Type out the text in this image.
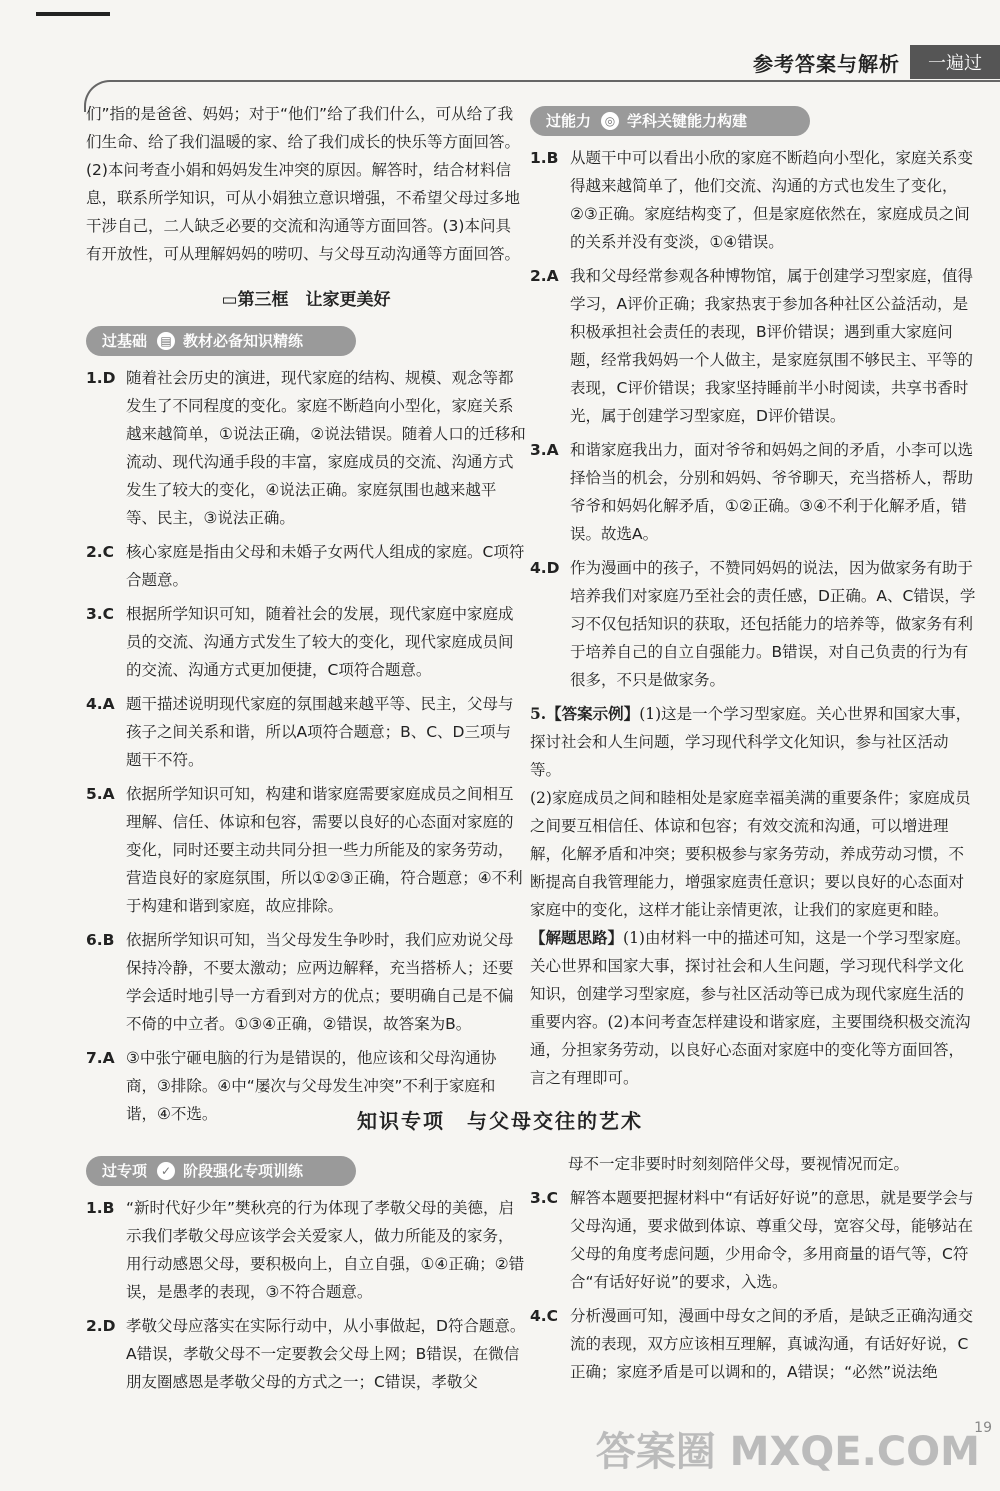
参考答案与解析	一遍过

们”指的是爸爸、妈妈；对于“他们”给了我们什么，可从给了我们生命、给了我们温暖的家、给了我们成长的快乐等方面回答。(2)本问考查小娟和妈妈发生冲突的原因。解答时，结合材料信息，联系所学知识，可从小娟独立意识增强，不希望父母过多地干涉自己，二人缺乏必要的交流和沟通等方面回答。(3)本问具有开放性，可从理解妈妈的唠叨、与父母互动沟通等方面回答。

▭第三框　让家更美好
过基础	▤ 教材必备知识精练
1.D 随着社会历史的演进，现代家庭的结构、规模、观念等都发生了不同程度的变化。家庭不断趋向小型化，家庭关系越来越简单，①说法正确，②说法错误。随着人口的迁移和流动、现代沟通手段的丰富，家庭成员的交流、沟通方式发生了较大的变化，④说法正确。家庭氛围也越来越平等、民主，③说法正确。
2.C 核心家庭是指由父母和未婚子女两代人组成的家庭。C项符合题意。
3.C 根据所学知识可知，随着社会的发展，现代家庭中家庭成员的交流、沟通方式发生了较大的变化，现代家庭成员间的交流、沟通方式更加便捷，C项符合题意。
4.A 题干描述说明现代家庭的氛围越来越平等、民主，父母与孩子之间关系和谐，所以A项符合题意；B、C、D三项与题干不符。
5.A 依据所学知识可知，构建和谐家庭需要家庭成员之间相互理解、信任、体谅和包容，需要以良好的心态面对家庭的变化，同时还要主动共同分担一些力所能及的家务劳动，营造良好的家庭氛围，所以①②③正确，符合题意；④不利于构建和谐到家庭，故应排除。
6.B 依据所学知识可知，当父母发生争吵时，我们应劝说父母保持冷静，不要太激动；应两边解释，充当搭桥人；还要学会适时地引导一方看到对方的优点；要明确自己是不偏不倚的中立者。①③④正确，②错误，故答案为B。
7.A ③中张宁砸电脑的行为是错误的，他应该和父母沟通协商，③排除。④中“屡次与父母发生冲突”不利于家庭和谐，④不选。
过能力	◎ 学科关键能力构建
1.B 从题干中可以看出小欣的家庭不断趋向小型化，家庭关系变得越来越简单了，他们交流、沟通的方式也发生了变化，②③正确。家庭结构变了，但是家庭依然在，家庭成员之间的关系并没有变淡，①④错误。
2.A 我和父母经常参观各种博物馆，属于创建学习型家庭，值得学习，A评价正确；我家热衷于参加各种社区公益活动，是积极承担社会责任的表现，B评价错误；遇到重大家庭问题，经常我妈妈一个人做主，是家庭氛围不够民主、平等的表现，C评价错误；我家坚持睡前半小时阅读，共享书香时光，属于创建学习型家庭，D评价错误。
3.A 和谐家庭我出力，面对爷爷和妈妈之间的矛盾，小李可以选择恰当的机会，分别和妈妈、爷爷聊天，充当搭桥人，帮助爷爷和妈妈化解矛盾，①②正确。③④不利于化解矛盾，错误。故选A。
4.D 作为漫画中的孩子，不赞同妈妈的说法，因为做家务有助于培养我们对家庭乃至社会的责任感，D正确。A、C错误，学习不仅包括知识的获取，还包括能力的培养等，做家务有利于培养自己的自立自强能力。B错误，对自己负责的行为有很多，不只是做家务。

5.【答案示例】(1)这是一个学习型家庭。关心世界和国家大事，探讨社会和人生问题，学习现代科学文化知识，参与社区活动等。

(2)家庭成员之间和睦相处是家庭幸福美满的重要条件；家庭成员之间要互相信任、体谅和包容；有效交流和沟通，可以增进理解，化解矛盾和冲突；要积极参与家务劳动，养成劳动习惯，不断提高自我管理能力，增强家庭责任意识；要以良好的心态面对家庭中的变化，这样才能让亲情更浓，让我们的家庭更和睦。

【解题思路】(1)由材料一中的描述可知，这是一个学习型家庭。关心世界和国家大事，探讨社会和人生问题，学习现代科学文化知识，创建学习型家庭，参与社区活动等已成为现代家庭生活的重要内容。(2)本问考查怎样建设和谐家庭，主要围绕积极交流沟通，分担家务劳动，以良好心态面对家庭中的变化等方面回答，言之有理即可。

知识专项　与父母交往的艺术
过专项	✓ 阶段强化专项训练
1.B “新时代好少年”樊秋亮的行为体现了孝敬父母的美德，启示我们孝敬父母应该学会关爱家人，做力所能及的家务，用行动感恩父母，要积极向上，自立自强，①④正确；②错误，是愚孝的表现，③不符合题意。
2.D 孝敬父母应落实在实际行动中，从小事做起，D符合题意。A错误，孝敬父母不一定要教会父母上网；B错误，在微信朋友圈感恩是孝敬父母的方式之一；C错误，孝敬父

母不一定非要时时刻刻陪伴父母，要视情况而定。

3.C 解答本题要把握材料中“有话好好说”的意思，就是要学会与父母沟通，要求做到体谅、尊重父母，宽容父母，能够站在父母的角度考虑问题，少用命令，多用商量的语气等，C符合“有话好好说”的要求，入选。
4.C 分析漫画可知，漫画中母女之间的矛盾，是缺乏正确沟通交流的表现，双方应该相互理解，真诚沟通，有话好好说，C正确；家庭矛盾是可以调和的，A错误；“必然”说法绝
答案圈 MXQE.COM
19
